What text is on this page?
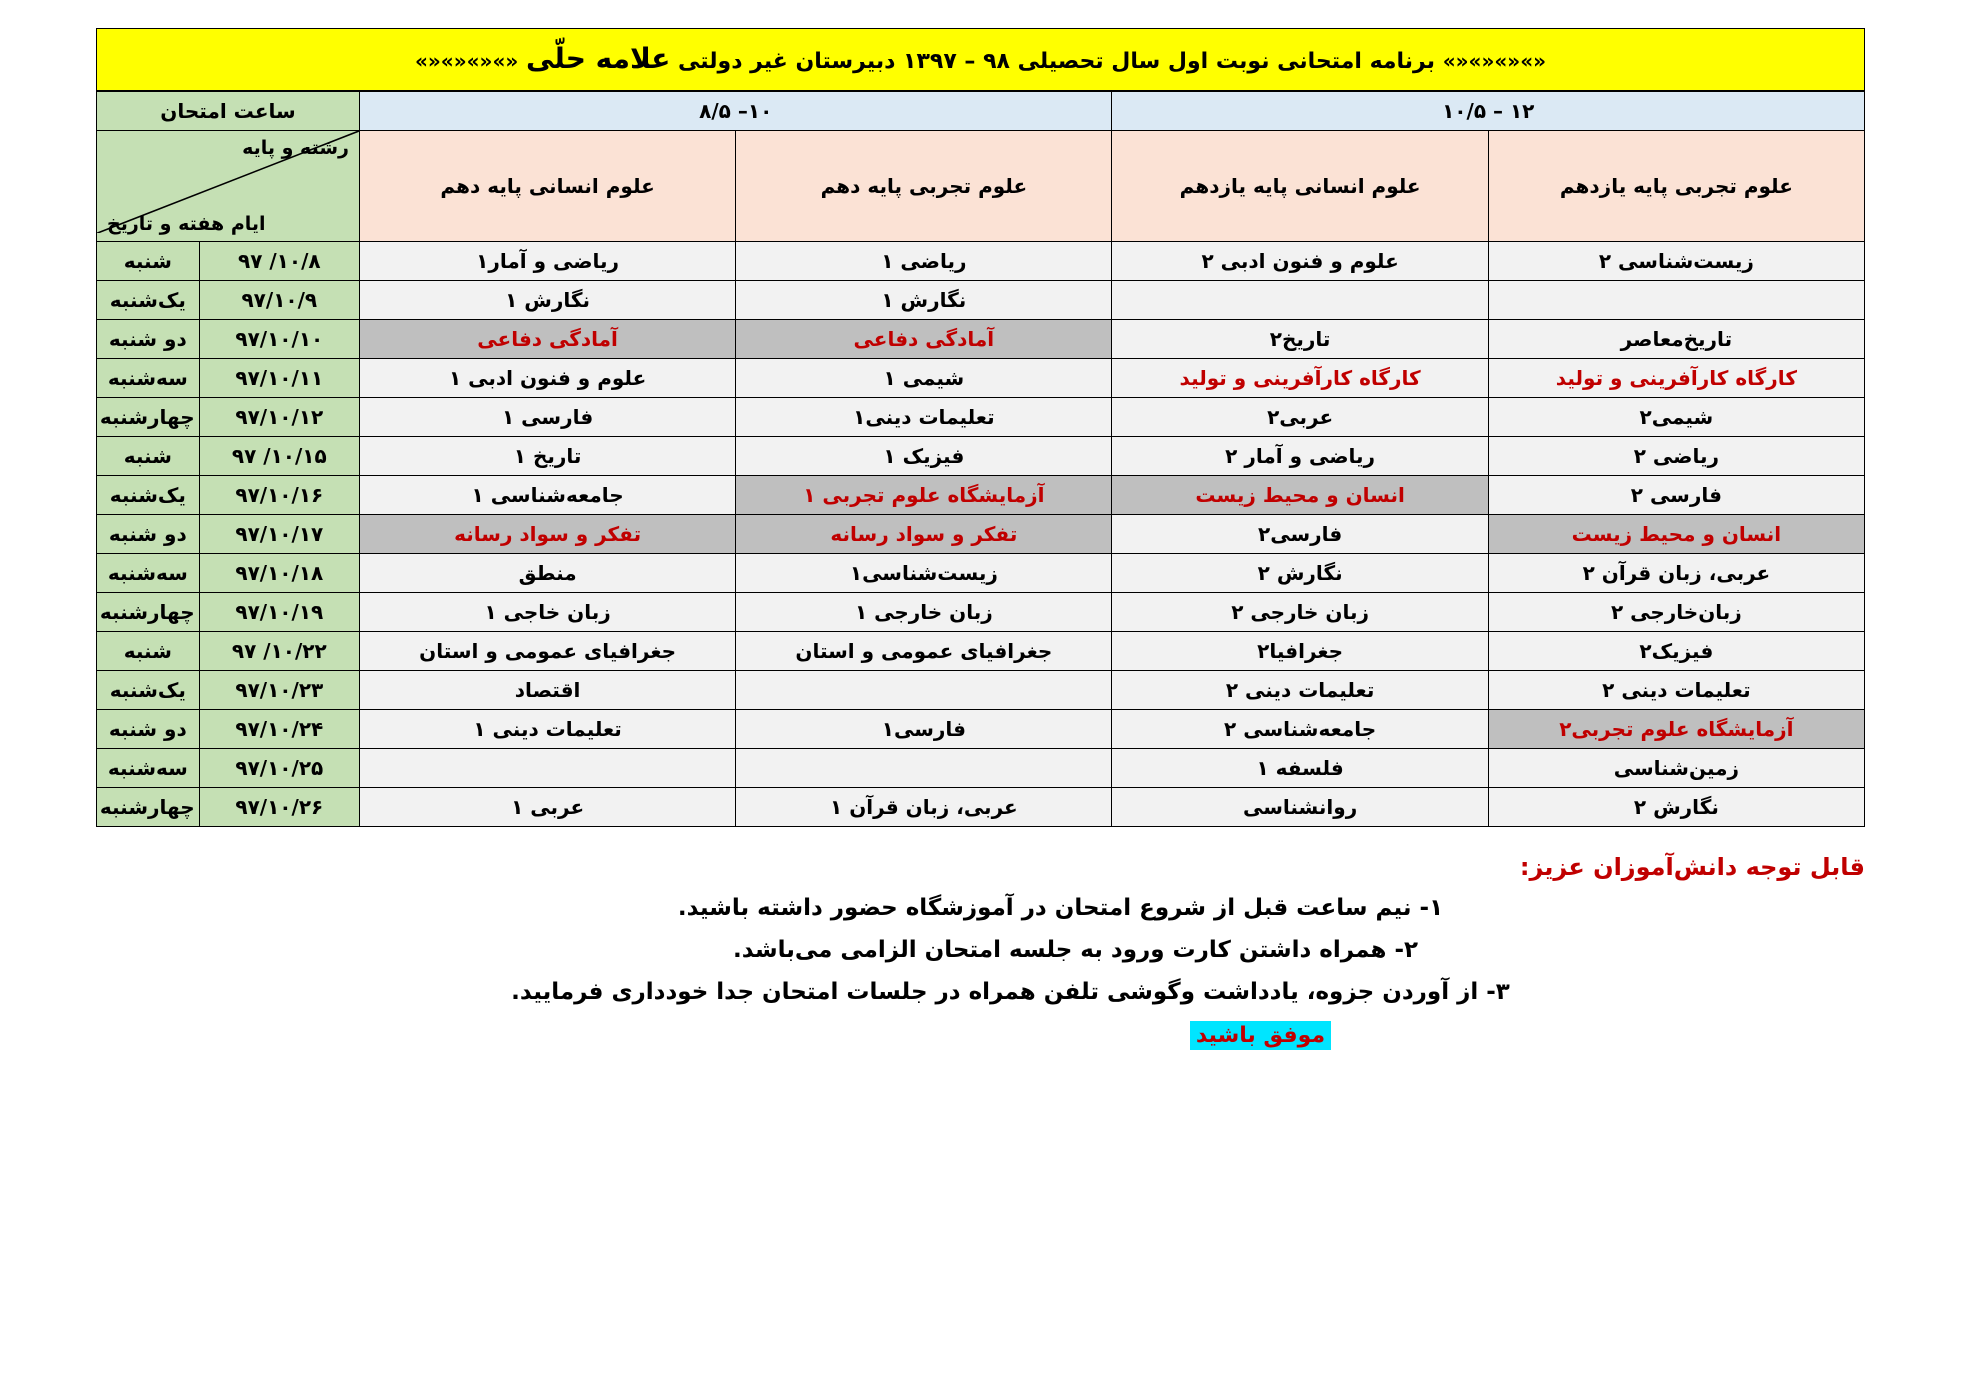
«»«»«»«» برنامه امتحانی نوبت اول سال تحصیلی ۹۸ – ۱۳۹۷ دبیرستان غیر دولتی علامه حلّی «»«»«»«»
۱۲ – ۱۰/۵		۱۰– ۸/۵		ساعت امتحان	
علوم تجربی پایه یازدهم	علوم انسانی پایه یازدهم	علوم تجربی پایه دهم	علوم انسانی پایه دهم	رشته و پایه
ایام هفته و تاریخ	

زیست‌شناسی ۲	علوم و فنون ادبی ۲	ریاضی ۱	ریاضی و آمار۱	۹۷ /۱۰/۸	شنبه
		نگارش ۱	نگارش ۱	۹۷/۱۰/۹	یک‌شنبه
تاریخ‌معاصر	تاریخ۲	آمادگی دفاعی	آمادگی دفاعی	۹۷/۱۰/۱۰	دو شنبه
کارگاه کارآفرینی و تولید	کارگاه کارآفرینی و تولید	شیمی ۱	علوم و فنون ادبی ۱	۹۷/۱۰/۱۱	سه‌شنبه
شیمی۲	عربی۲	تعلیمات دینی۱	فارسی ۱	۹۷/۱۰/۱۲	چهارشنبه
ریاضی ۲	ریاضی و آمار ۲	فیزیک ۱	تاریخ ۱	۹۷ /۱۰/۱۵	شنبه
فارسی ۲	انسان و محیط زیست	آزمایشگاه علوم تجربی ۱	جامعه‌شناسی ۱	۹۷/۱۰/۱۶	یک‌شنبه
انسان و محیط زیست	فارسی۲	تفکر و سواد رسانه	تفکر و سواد رسانه	۹۷/۱۰/۱۷	دو شنبه
عربی، زبان قرآن ۲	نگارش ۲	زیست‌شناسی۱	منطق	۹۷/۱۰/۱۸	سه‌شنبه
زبان‌خارجی ۲	زبان خارجی ۲	زبان خارجی ۱	زبان خاجی ۱	۹۷/۱۰/۱۹	چهارشنبه
فیزیک۲	جغرافیا۲	جغرافیای عمومی و استان	جغرافیای عمومی و استان	۹۷ /۱۰/۲۲	شنبه
تعلیمات دینی ۲	تعلیمات دینی ۲		اقتصاد	۹۷/۱۰/۲۳	یک‌شنبه
آزمایشگاه علوم تجربی۲	جامعه‌شناسی ۲	فارسی۱	تعلیمات دینی ۱	۹۷/۱۰/۲۴	دو شنبه
زمین‌شناسی	فلسفه ۱			۹۷/۱۰/۲۵	سه‌شنبه
نگارش ۲	روانشناسی	عربی، زبان قرآن ۱	عربی ۱	۹۷/۱۰/۲۶	چهارشنبه
قابل توجه دانش‌آموزان عزیز:
۱- نیم ساعت قبل از شروع امتحان در آموزشگاه حضور داشته باشید.
۲- همراه داشتن کارت ورود به جلسه امتحان الزامی می‌باشد.
۳- از آوردن جزوه، یادداشت وگوشی تلفن همراه در جلسات امتحان جدا خودداری فرمایید.
موفق باشید
